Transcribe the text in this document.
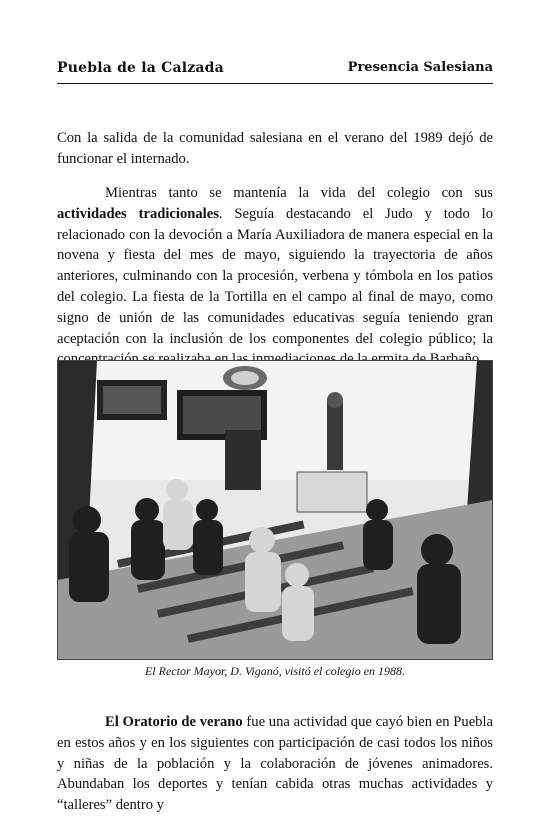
Puebla de la Calzada	Presencia Salesiana

Con la salida de la comunidad salesiana en el verano del 1989 dejó de funcionar el internado.

Mientras tanto se mantenía la vida del colegio con sus actividades tradicionales. Seguía destacando el Judo y todo lo relacionado con la devoción a María Auxiliadora de manera especial en la novena y fiesta del mes de mayo, siguiendo la trayectoria de años anteriores, culminando con la procesión, verbena y tómbola en los patios del colegio. La fiesta de la Tortilla en el campo al final de mayo, como signo de unión de las comunidades educativas seguía teniendo gran aceptación con la inclusión de los componentes del colegio público; la

El Rector Mayor, D. Viganó, visitó el colegio en 1988.

El Oratorio de verano fue una actividad que cayó bien en Puebla en estos años y en los siguientes con participación de casi todos los niños y niñas de la población y la colaboración de jóvenes animadores. Abundaban los deportes y tenían cabida otras muchas actividades y “talleres” dentro y
